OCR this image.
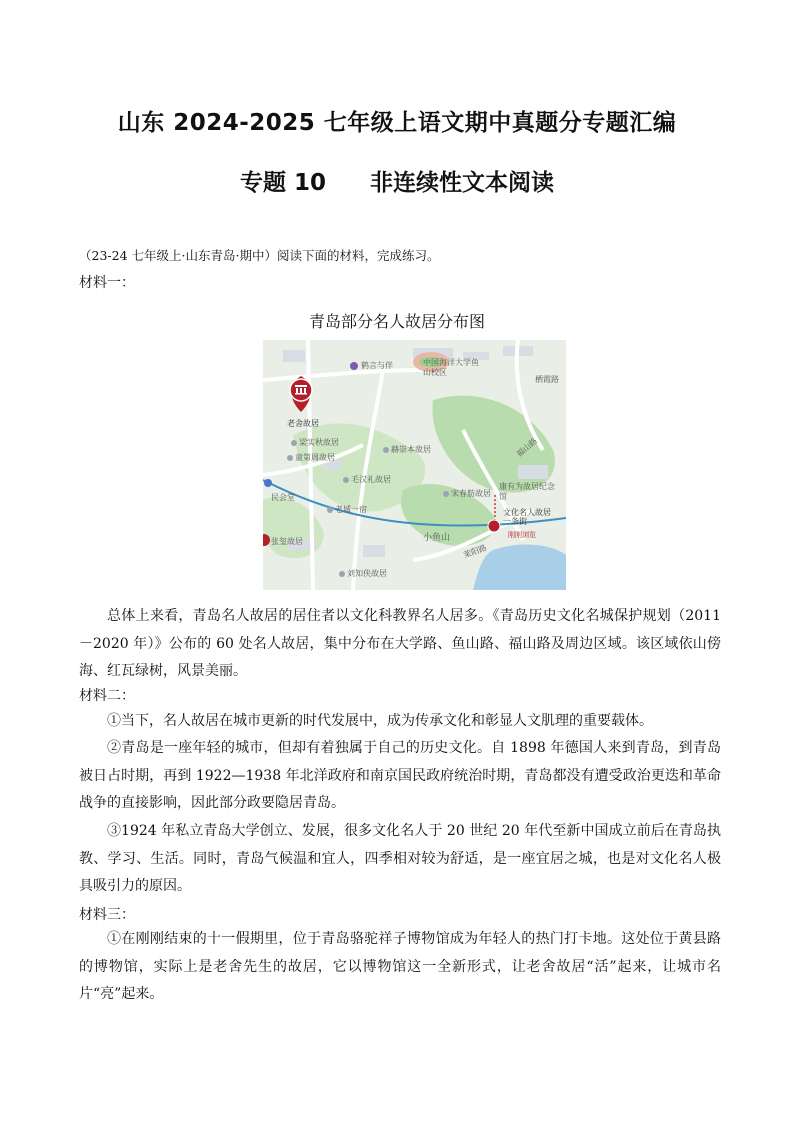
山东 2024-2025 七年级上语文期中真题分专题汇编
专题 10 非连续性文本阅读
（23-24 七年级上·山东青岛·期中）阅读下面的材料，完成练习。
材料一：
青岛部分名人故居分布图
鹤言与伴	中国海洋大学鱼山校区
栖霞路
老舍故居
梁实秋故居
童第周故居
赫崇本故居	福山路
康有为故居纪念馆
民会堂
毛汉礼故居
宋春舫故居
老城一宿	文化名人故居一条街
刚刚浏览
小鱼山
张玺故居
莱阳路
刘知侠故居
总体上来看，青岛名人故居的居住者以文化科教界名人居多。《青岛历史文化名城保护规划（2011－2020 年）》公布的 60 处名人故居，集中分布在大学路、鱼山路、福山路及周边区域。该区域依山傍海、红瓦绿树，风景美丽。
材料二：
①当下，名人故居在城市更新的时代发展中，成为传承文化和彰显人文肌理的重要载体。
②青岛是一座年轻的城市，但却有着独属于自己的历史文化。自 1898 年德国人来到青岛，到青岛被日占时期，再到 1922—1938 年北洋政府和南京国民政府统治时期，青岛都没有遭受政治更迭和革命战争的直接影响，因此部分政要隐居青岛。
③1924 年私立青岛大学创立、发展，很多文化名人于 20 世纪 20 年代至新中国成立前后在青岛执教、学习、生活。同时，青岛气候温和宜人，四季相对较为舒适，是一座宜居之城，也是对文化名人极具吸引力的原因。
材料三：
①在刚刚结束的十一假期里，位于青岛骆驼祥子博物馆成为年轻人的热门打卡地。这处位于黄县路的博物馆，实际上是老舍先生的故居，它以博物馆这一全新形式，让老舍故居“活”起来，让城市名片“亮”起来。
